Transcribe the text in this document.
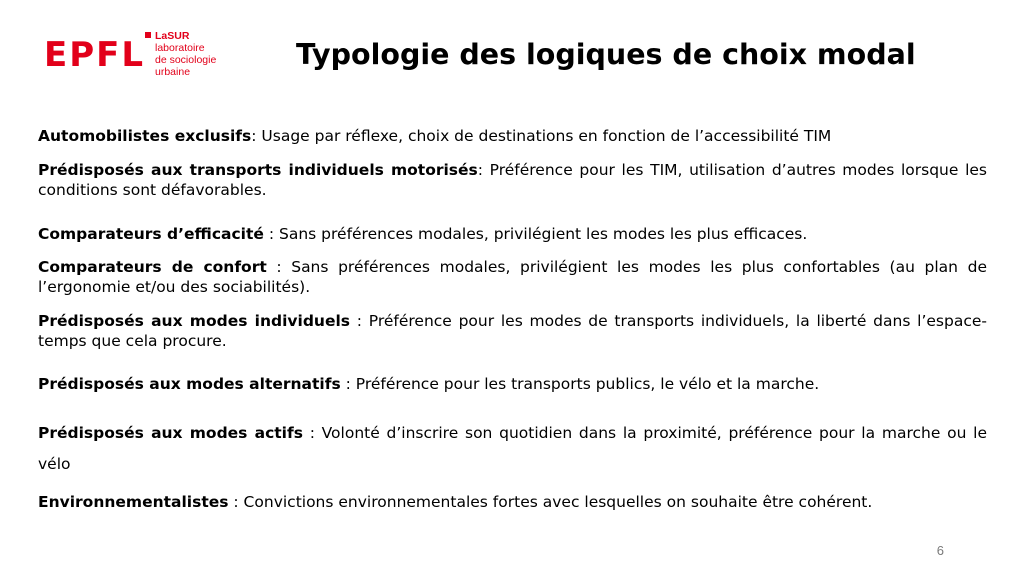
EPFL LaSUR
laboratoire
de sociologie
urbaine
Typologie des logiques de choix modal
Automobilistes exclusifs: Usage par réflexe, choix de destinations en fonction de l’accessibilité TIM
Prédisposés aux transports individuels motorisés: Préférence pour les TIM, utilisation d’autres modes lorsque les conditions sont défavorables.
Comparateurs d’efficacité : Sans préférences modales, privilégient les modes les plus efficaces.
Comparateurs de confort : Sans préférences modales, privilégient les modes les plus confortables (au plan de l’ergonomie et/ou des sociabilités).
Prédisposés aux modes individuels : Préférence pour les modes de transports individuels, la liberté dans l’espace-temps que cela procure.
Prédisposés aux modes alternatifs : Préférence pour les transports publics, le vélo et la marche.
Prédisposés aux modes actifs : Volonté d’inscrire son quotidien dans la proximité, préférence pour la marche ou le vélo
Environnementalistes : Convictions environnementales fortes avec lesquelles on souhaite être cohérent.
6
